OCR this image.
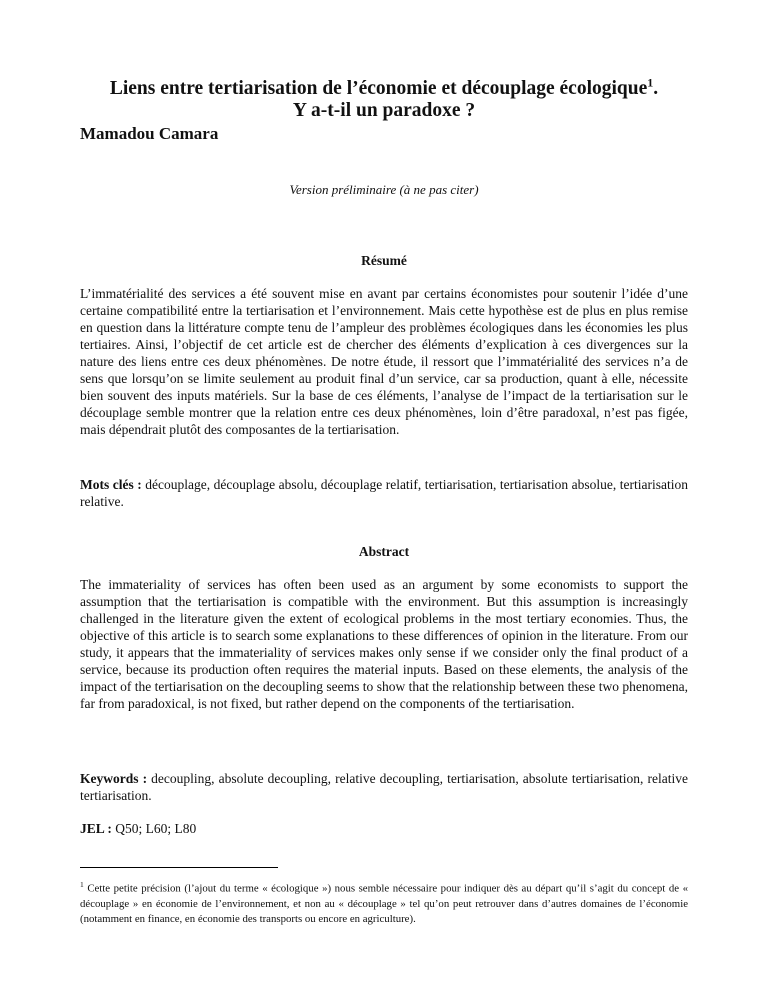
Liens entre tertiarisation de l’économie et découplage écologique$^1$.
Y a-t-il un paradoxe ?
Mamadou Camara
Version préliminaire (à ne pas citer)
Résumé

L’immatérialité des services a été souvent mise en avant par certains économistes pour soutenir l’idée d’une certaine compatibilité entre la tertiarisation et l’environnement. Mais cette hypothèse est de plus en plus remise en question dans la littérature compte tenu de l’ampleur des problèmes écologiques dans les économies les plus tertiaires. Ainsi, l’objectif de cet article est de chercher des éléments d’explication à ces divergences sur la nature des liens entre ces deux phénomènes. De notre étude, il ressort que l’immatérialité des services n’a de sens que lorsqu’on se limite seulement au produit final d’un service, car sa production, quant à elle, nécessite bien souvent des inputs matériels. Sur la base de ces éléments, l’analyse de l’impact de la tertiarisation sur le découplage semble montrer que la relation entre ces deux phénomènes, loin d’être paradoxal, n’est pas figée, mais dépendrait plutôt des composantes de la tertiarisation.

Mots clés : découplage, découplage absolu, découplage relatif, tertiarisation, tertiarisation absolue, tertiarisation relative.

Abstract

The immateriality of services has often been used as an argument by some economists to support the assumption that the tertiarisation is compatible with the environment. But this assumption is increasingly challenged in the literature given the extent of ecological problems in the most tertiary economies. Thus, the objective of this article is to search some explanations to these differences of opinion in the literature. From our study, it appears that the immateriality of services makes only sense if we consider only the final product of a service, because its production often requires the material inputs. Based on these elements, the analysis of the impact of the tertiarisation on the decoupling seems to show that the relationship between these two phenomena, far from paradoxical, is not fixed, but rather depend on the components of the tertiarisation.

Keywords : decoupling, absolute decoupling, relative decoupling, tertiarisation, absolute tertiarisation, relative tertiarisation.

JEL : Q50; L60; L80

$^1$ Cette petite précision (l’ajout du terme « écologique ») nous semble nécessaire pour indiquer dès au départ qu’il s’agit du concept de « découplage » en économie de l’environnement, et non au « découplage » tel qu’on peut retrouver dans d’autres domaines de l’économie (notamment en finance, en économie des transports ou encore en agriculture).
